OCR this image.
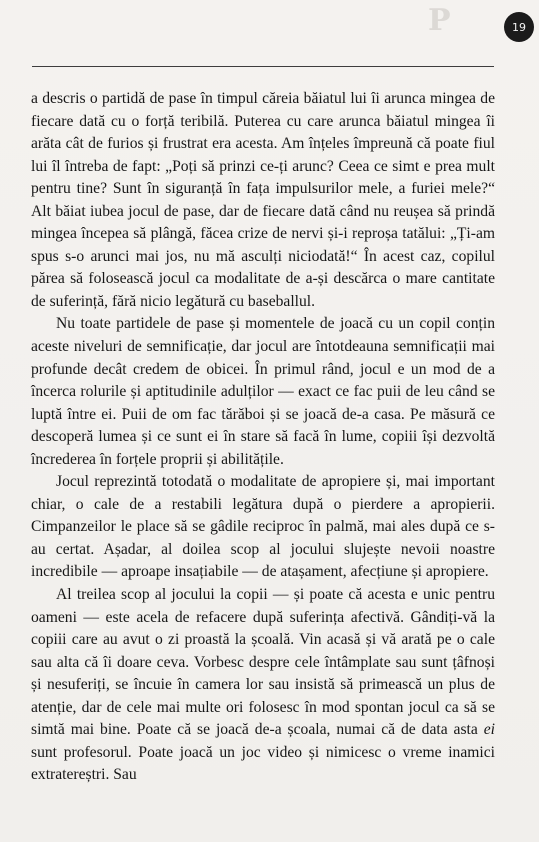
P	19

a descris o partidă de pase în timpul căreia băiatul lui îi arunca mingea de fiecare dată cu o forță teribilă. Puterea cu care arunca băiatul mingea îi arăta cât de furios și frustrat era acesta. Am înțeles împreună că poate fiul lui îl întreba de fapt: „Poți să prinzi ce-ți arunc? Ceea ce simt e prea mult pentru tine? Sunt în siguranță în fața impulsurilor mele, a furiei mele?“ Alt băiat iubea jocul de pase, dar de fiecare dată când nu reușea să prindă mingea începea să plângă, făcea crize de nervi și-i reproșa tatălui: „Ți-am spus s-o arunci mai jos, nu mă asculți niciodată!“ În acest caz, copilul părea să folosească jocul ca modalitate de a-și descărca o mare cantitate de suferință, fără nicio legătură cu baseballul.

Nu toate partidele de pase și momentele de joacă cu un copil conțin aceste niveluri de semnificație, dar jocul are întotdeauna semnificații mai profunde decât credem de obicei. În primul rând, jocul e un mod de a încerca rolurile și aptitudinile adulților — exact ce fac puii de leu când se luptă între ei. Puii de om fac tărăboi și se joacă de-a casa. Pe măsură ce descoperă lumea și ce sunt ei în stare să facă în lume, copiii își dezvoltă încrederea în forțele proprii și abilitățile.

Jocul reprezintă totodată o modalitate de apropiere și, mai important chiar, o cale de a restabili legătura după o pierdere a apropierii. Cimpanzeilor le place să se gâdile reciproc în palmă, mai ales după ce s-au certat. Așadar, al doilea scop al jocului slujește nevoii noastre incredibile — aproape insațiabile — de atașament, afecțiune și apropiere.

Al treilea scop al jocului la copii — și poate că acesta e unic pentru oameni — este acela de refacere după suferința afectivă. Gândiți-vă la copiii care au avut o zi proastă la școală. Vin acasă și vă arată pe o cale sau alta că îi doare ceva. Vorbesc despre cele întâmplate sau sunt țâfnoși și nesuferiți, se încuie în camera lor sau insistă să primească un plus de atenție, dar de cele mai multe ori folosesc în mod spontan jocul ca să se simtă mai bine. Poate că se joacă de-a școala, numai că de data asta ei sunt profesorul. Poate joacă un joc video și nimicesc o vreme inamici extratereștri. Sau
